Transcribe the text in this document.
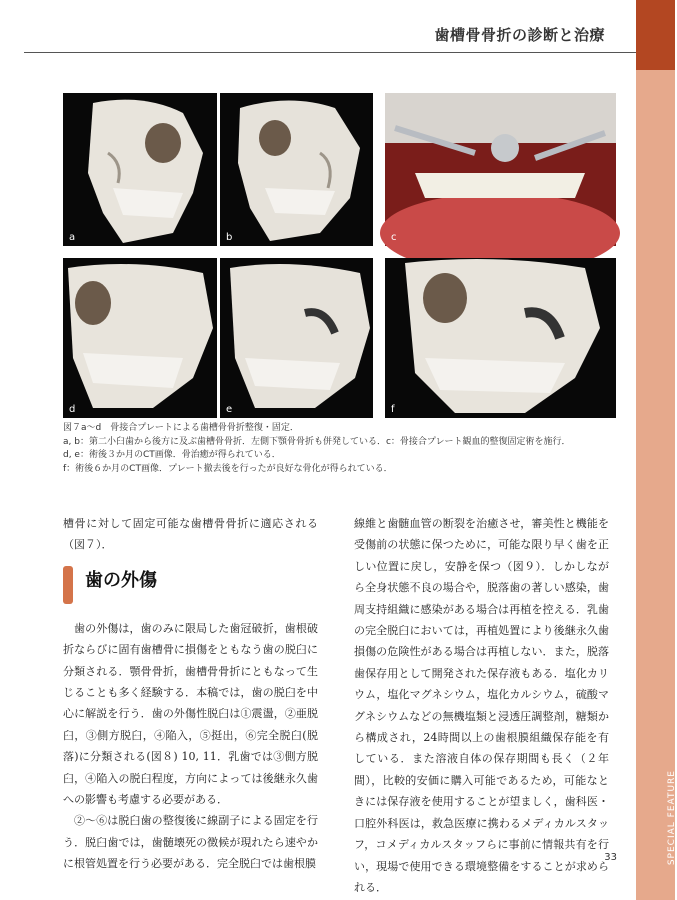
SPECIAL FEATURE
歯槽骨骨折の診断と治療
a	b	c
d	e	f
図７a～d　骨接合プレートによる歯槽骨骨折整復・固定．
a, b：第二小臼歯から後方に及ぶ歯槽骨骨折．左側下顎骨骨折も併発している．c：骨接合プレート観血的整復固定術を施行．
d, e：術後３か月のCT画像．骨治癒が得られている．
f：術後６か月のCT画像．プレート撤去後を行ったが良好な骨化が得られている．

槽骨に対して固定可能な歯槽骨骨折に適応される（図７）．

歯の外傷

歯の外傷は，歯のみに限局した歯冠破折，歯根破折ならびに固有歯槽骨に損傷をともなう歯の脱臼に分類される．顎骨骨折，歯槽骨骨折にともなって生じることも多く経験する．本稿では，歯の脱臼を中心に解説を行う．歯の外傷性脱臼は①震盪，②亜脱臼，③側方脱臼，④陥入，⑤挺出，⑥完全脱臼(脱落)に分類される(図８) 10, 11．乳歯では③側方脱臼，④陥入の脱臼程度，方向によっては後継永久歯への影響も考慮する必要がある．

②～⑥は脱臼歯の整復後に線副子による固定を行う．脱臼歯では，歯髄壊死の徴候が現れたら速やかに根管処置を行う必要がある．完全脱臼では歯根膜

線維と歯髄血管の断裂を治癒させ，審美性と機能を受傷前の状態に保つために，可能な限り早く歯を正しい位置に戻し，安静を保つ（図９）．しかしながら全身状態不良の場合や，脱落歯の著しい感染，歯周支持組織に感染がある場合は再植を控える．乳歯の完全脱臼においては，再植処置により後継永久歯損傷の危険性がある場合は再植しない．また，脱落歯保存用として開発された保存液もある．塩化カリウム，塩化マグネシウム，塩化カルシウム，硫酸マグネシウムなどの無機塩類と浸透圧調整剤，糖類から構成され，24時間以上の歯根膜組織保存能を有している．また溶液自体の保存期間も長く（２年間），比較的安価に購入可能であるため，可能なときには保存液を使用することが望ましく，歯科医・口腔外科医は，救急医療に携わるメディカルスタッフ，コメディカルスタッフらに事前に情報共有を行い，現場で使用できる環境整備をすることが求められる．

33
